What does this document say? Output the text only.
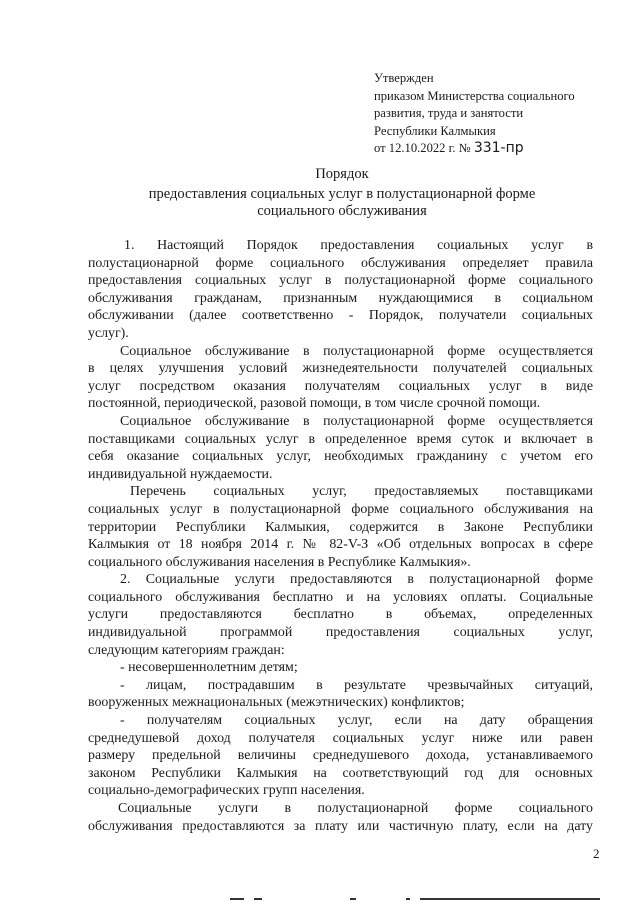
Утвержден
приказом Министерства социального
развития, труда и занятости
Республики Калмыкия
от 12.10.2022 г. № 331-пр
Порядок
предоставления социальных услуг в полустационарной форме
социального обслуживания
1. Настоящий Порядок предоставления социальных услуг в
полустационарной форме социального обслуживания определяет правила
предоставления социальных услуг в полустационарной форме социального
обслуживания гражданам, признанным нуждающимися в социальном
обслуживании (далее соответственно - Порядок, получатели социальных
услуг).
Социальное обслуживание в полустационарной форме осуществляется
в целях улучшения условий жизнедеятельности получателей социальных
услуг посредством оказания получателям социальных услуг в виде
постоянной, периодической, разовой помощи, в том числе срочной помощи.
Социальное обслуживание в полустационарной форме осуществляется
поставщиками социальных услуг в определенное время суток и включает в
себя оказание социальных услуг, необходимых гражданину с учетом его
индивидуальной нуждаемости.
Перечень социальных услуг, предоставляемых поставщиками
социальных услуг в полустационарной форме социального обслуживания на
территории Республики Калмыкия, содержится в Законе Республики
Калмыкия от 18 ноября 2014 г. № 82-V-З «Об отдельных вопросах в сфере
социального обслуживания населения в Республике Калмыкия».
2. Социальные услуги предоставляются в полустационарной форме
социального обслуживания бесплатно и на условиях оплаты. Социальные
услуги предоставляются бесплатно в объемах, определенных
индивидуальной программой предоставления социальных услуг,
следующим категориям граждан:
- несовершеннолетним детям;
- лицам, пострадавшим в результате чрезвычайных ситуаций,
вооруженных межнациональных (межэтнических) конфликтов;
- получателям социальных услуг, если на дату обращения
среднедушевой доход получателя социальных услуг ниже или равен
размеру предельной величины среднедушевого дохода, устанавливаемого
законом Республики Калмыкия на соответствующий год для основных
социально-демографических групп населения.
Социальные услуги в полустационарной форме социального
обслуживания предоставляются за плату или частичную плату, если на дату
2
